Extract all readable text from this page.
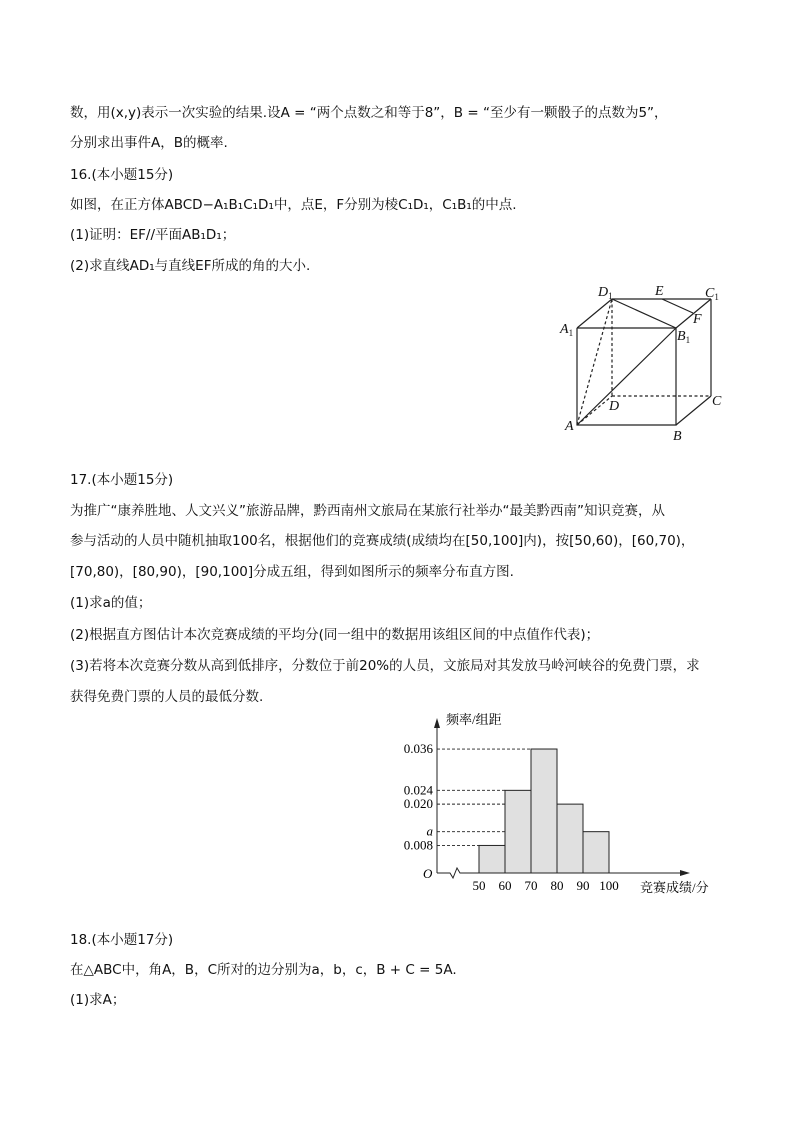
数，用(x,y)表示一次实验的结果.设A = “两个点数之和等于8”，B = “至少有一颗骰子的点数为5”，
分别求出事件A，B的概率.
16.(本小题15分)
如图，在正方体ABCD−A₁B₁C₁D₁中，点E，F分别为棱C₁D₁，C₁B₁的中点.
(1)证明：EF//平面AB₁D₁；
(2)求直线AD₁与直线EF所成的角的大小.
$D_1$	E	$C_1$
F
$A_1$	$B_1$
D	C
A
B
17.(本小题15分)
为推广“康养胜地、人文兴义”旅游品牌，黔西南州文旅局在某旅行社举办“最美黔西南”知识竞赛，从
参与活动的人员中随机抽取100名，根据他们的竞赛成绩(成绩均在[50,100]内)，按[50,60)，[60,70)，
[70,80)，[80,90)，[90,100]分成五组，得到如图所示的频率分布直方图.
(1)求a的值；
(2)根据直方图估计本次竞赛成绩的平均分(同一组中的数据用该组区间的中点值作代表)；
(3)若将本次竞赛分数从高到低排序，分数位于前20%的人员，文旅局对其发放马岭河峡谷的免费门票，求
获得免费门票的人员的最低分数.
0.036
0.024
0.020
a
0.008
50 60 70 80 90 100
O
频率/组距
竞赛成绩/分
18.(本小题17分)
在△ABC中，角A，B，C所对的边分别为a，b，c，B + C = 5A.
(1)求A；
